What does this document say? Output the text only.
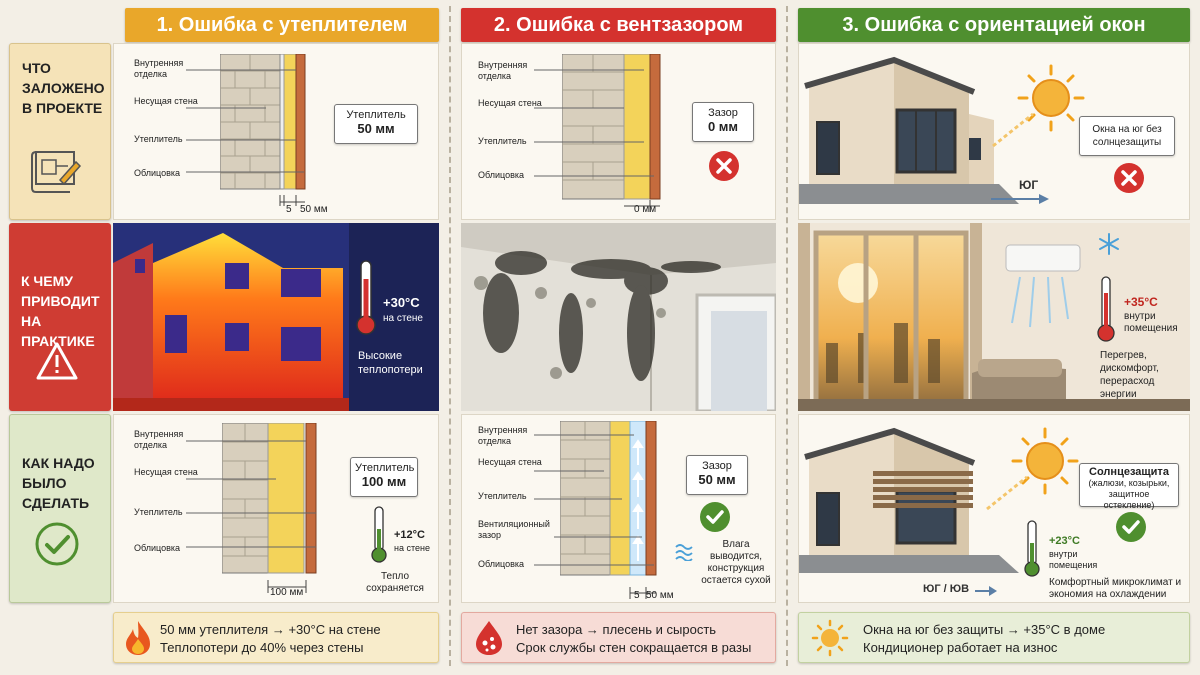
1. Ошибка с утеплителем	2. Ошибка с вентзазором	3. Ошибка с ориентацией окон
ЧТО ЗАЛОЖЕНО В ПРОЕКТЕ
К ЧЕМУ ПРИВОДИТ НА ПРАКТИКЕ
КАК НАДО БЫЛО СДЕЛАТЬ
Внутренняя отделка
Несущая стена
Утеплитель
Облицовка
5 50 мм
Утеплитель
50 мм
+30°C
на стене
Высокие теплопотери
Внутренняя отделка
Несущая стена
Утеплитель
Облицовка
100 мм
Утеплитель
100 мм
+12°C
на стене
Тепло сохраняется
Внутренняя отделка
Несущая стена
Утеплитель
Облицовка
0 мм
Зазор
0 мм
Внутренняя отделка
Несущая стена
Утеплитель
Вентиляционный зазор
Облицовка
5 50 мм
Зазор
50 мм
Влага выводится, конструкция остается сухой
Окна на юг без солнцезащиты
ЮГ
+35°C
внутри помещения
Перегрев, дискомфорт, перерасход энергии
Солнцезащита
(жалюзи, козырьки, защитное остекление)
+23°C
внутри помещения
Комфортный микроклимат и экономия на охлаждении
ЮГ / ЮВ
50 мм утеплителя → +30°C на стене
Теплопотери до 40% через стены
Нет зазора → плесень и сырость
Срок службы стен сокращается в разы
Окна на юг без защиты → +35°C в доме
Кондиционер работает на износ
